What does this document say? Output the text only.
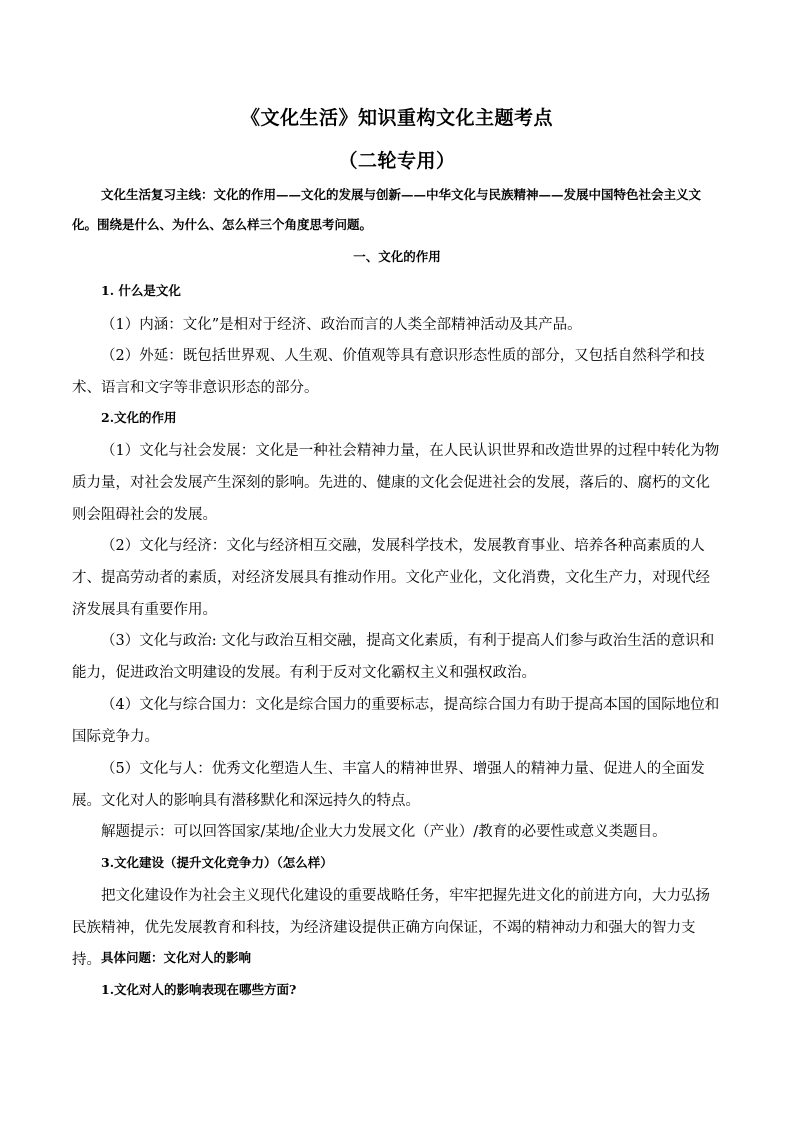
《文化生活》知识重构文化主题考点
（二轮专用）

文化生活复习主线：文化的作用——文化的发展与创新——中华文化与民族精神——发展中国特色社会主义文化。围绕是什么、为什么、怎么样三个角度思考问题。

一、文化的作用

1. 什么是文化

（1）内涵：文化”是相对于经济、政治而言的人类全部精神活动及其产品。

（2）外延：既包括世界观、人生观、价值观等具有意识形态性质的部分，又包括自然科学和技术、语言和文字等非意识形态的部分。

2.文化的作用

（1）文化与社会发展：文化是一种社会精神力量，在人民认识世界和改造世界的过程中转化为物质力量，对社会发展产生深刻的影响。先进的、健康的文化会促进社会的发展，落后的、腐朽的文化则会阻碍社会的发展。

（2）文化与经济：文化与经济相互交融，发展科学技术，发展教育事业、培养各种高素质的人才、提高劳动者的素质，对经济发展具有推动作用。文化产业化，文化消费，文化生产力，对现代经济发展具有重要作用。

（3）文化与政治: 文化与政治互相交融，提高文化素质，有利于提高人们参与政治生活的意识和能力，促进政治文明建设的发展。有利于反对文化霸权主义和强权政治。

（4）文化与综合国力：文化是综合国力的重要标志，提高综合国力有助于提高本国的国际地位和国际竞争力。

（5）文化与人：优秀文化塑造人生、丰富人的精神世界、增强人的精神力量、促进人的全面发展。文化对人的影响具有潜移默化和深远持久的特点。

解题提示：可以回答国家/某地/企业大力发展文化（产业）/教育的必要性或意义类题目。

3.文化建设（提升文化竞争力）（怎么样）

把文化建设作为社会主义现代化建设的重要战略任务，牢牢把握先进文化的前进方向，大力弘扬民族精神，优先发展教育和科技，为经济建设提供正确方向保证，不竭的精神动力和强大的智力支持。 具体问题：文化对人的影响

1.文化对人的影响表现在哪些方面?
